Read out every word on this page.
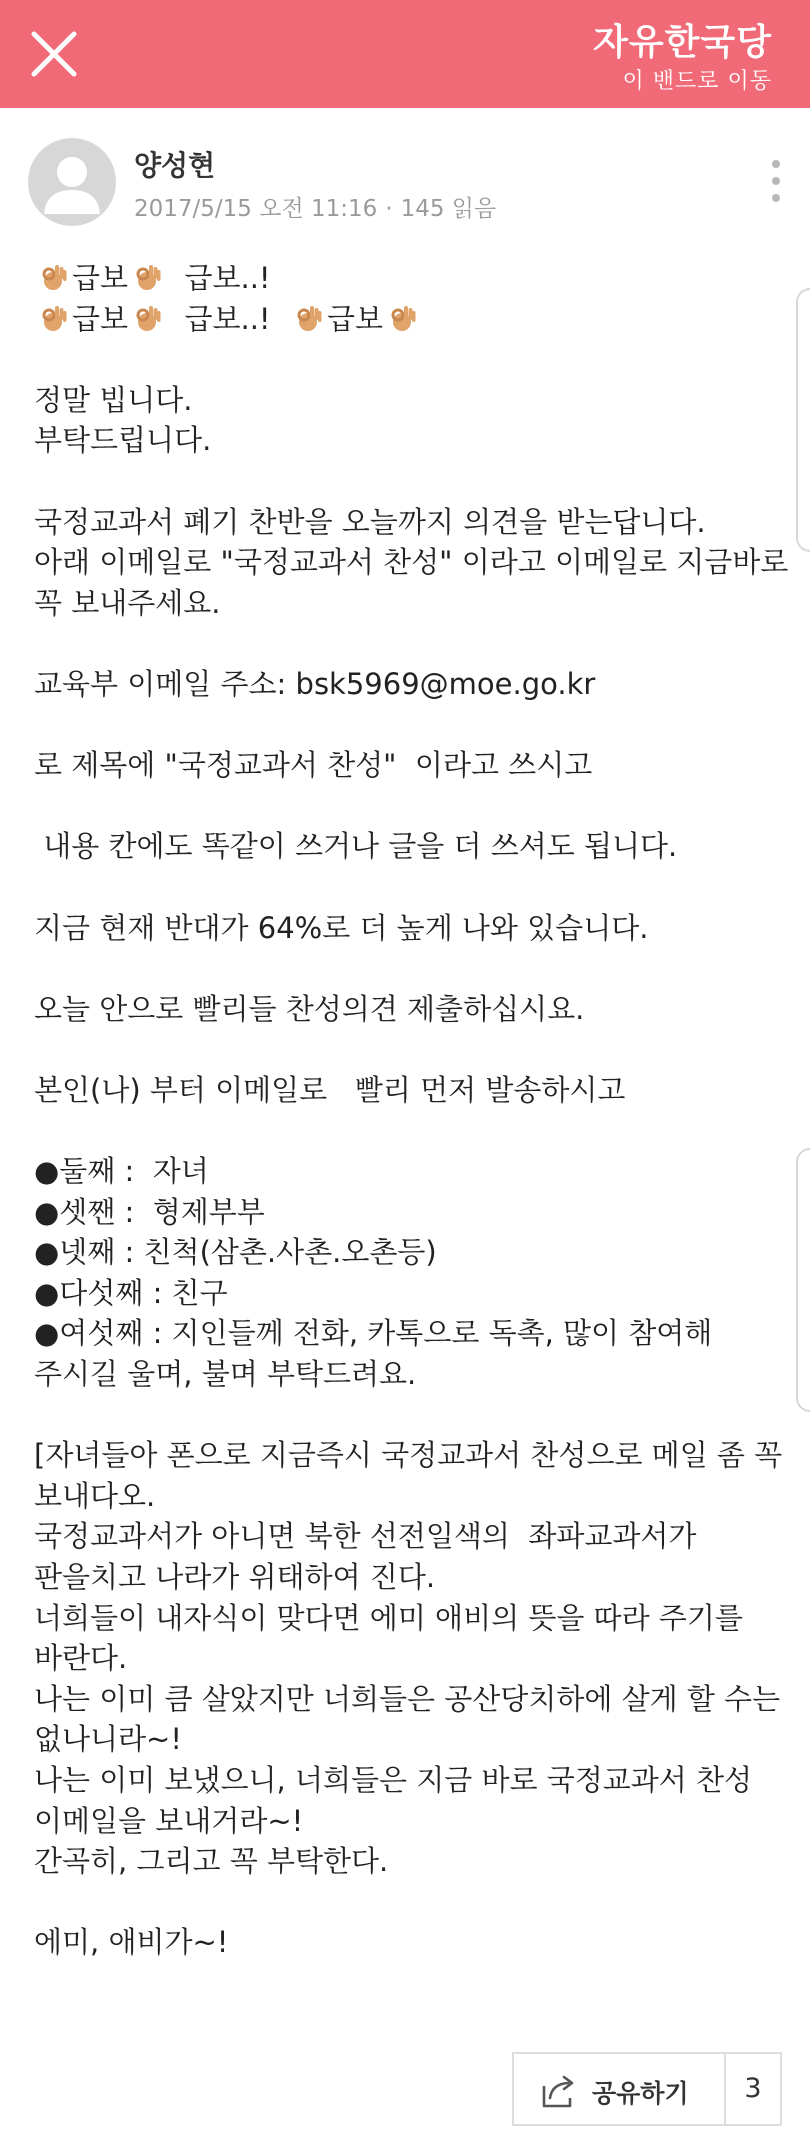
자유한국당
이 밴드로 이동
양성현
2017/5/15 오전 11:16 · 145 읽음

급보  급보..!

급보  급보..!  급보

정말 빕니다.

부탁드립니다.

국정교과서 폐기 찬반을 오늘까지 의견을 받는답니다.

아래 이메일로 "국정교과서 찬성" 이라고 이메일로 지금바로

꼭 보내주세요.

교육부 이메일 주소: bsk5969@moe.go.kr

로 제목에 "국정교과서 찬성"  이라고 쓰시고

내용 칸에도 똑같이 쓰거나 글을 더 쓰셔도 됩니다.

지금 현재 반대가 64%로 더 높게 나와 있습니다.

오늘 안으로 빨리들 찬성의견 제출하십시요.

본인(나) 부터 이메일로   빨리 먼저 발송하시고

●둘째 :  자녀

●셋짼 :  형제부부

●넷째 : 친척(삼촌.사촌.오촌등)

●다섯째 : 친구

●여섯째 : 지인들께 전화, 카톡으로 독촉, 많이 참여해

주시길 울며, 불며 부탁드려요.

[자녀들아 폰으로 지금즉시 국정교과서 찬성으로 메일 좀 꼭

보내다오.

국정교과서가 아니면 북한 선전일색의  좌파교과서가

판을치고 나라가 위태하여 진다.

너희들이 내자식이 맞다면 에미 애비의 뜻을 따라 주기를

바란다.

나는 이미 큼 살았지만 너희들은 공산당치하에 살게 할 수는

없나니라~!

나는 이미 보냈으니, 너희들은 지금 바로 국정교과서 찬성

이메일을 보내거라~!

간곡히, 그리고 꼭 부탁한다.

에미, 애비가~!

공유하기	3
